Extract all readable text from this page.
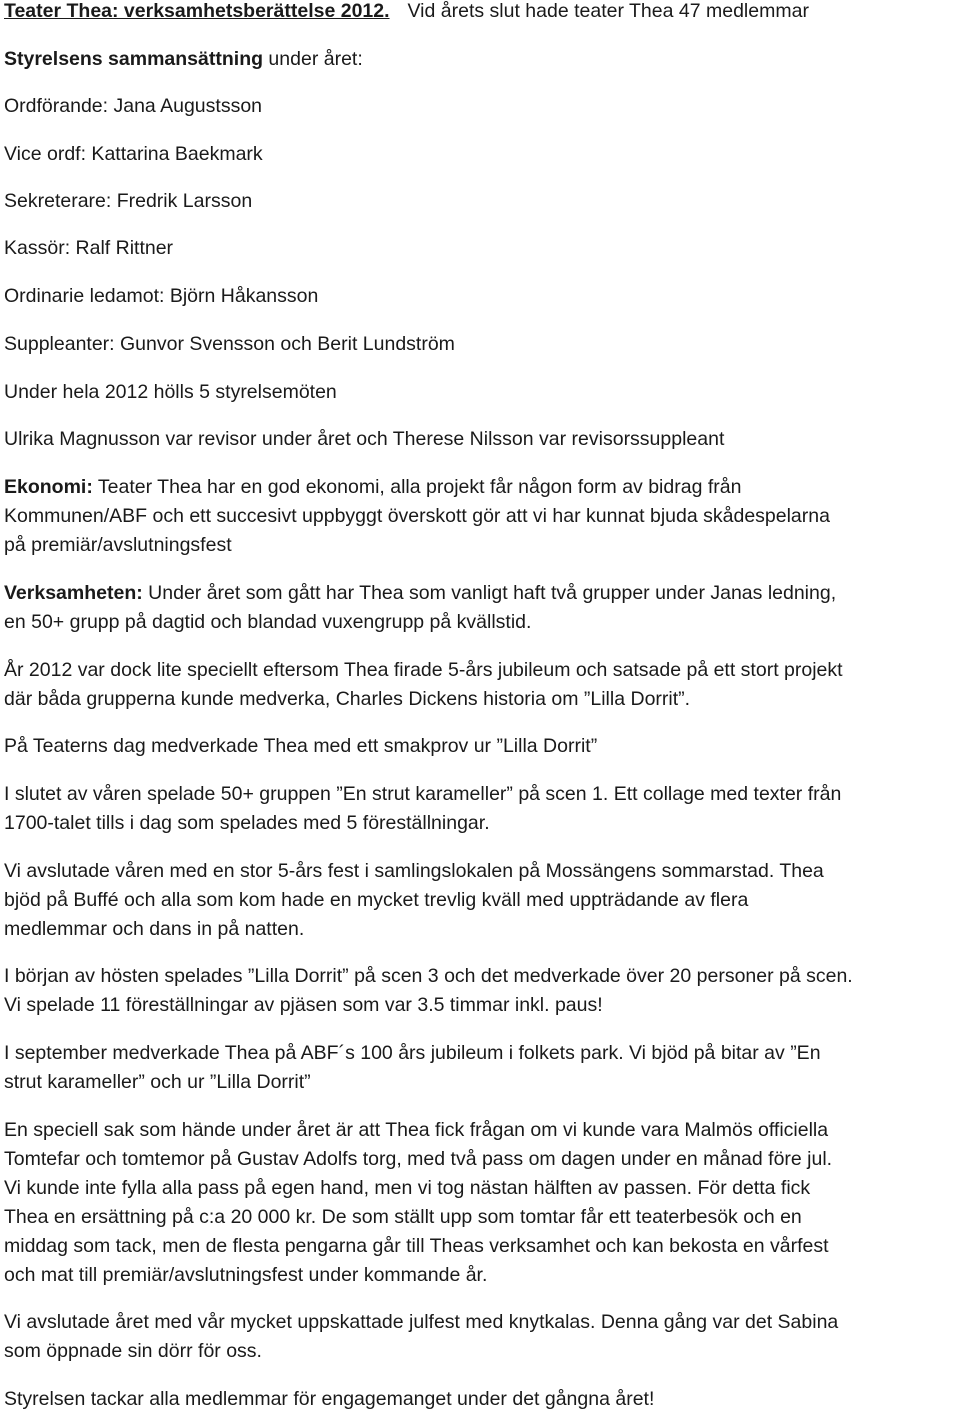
Teater Thea: verksamhetsberättelse 2012. Vid årets slut hade teater Thea 47 medlemmar
Styrelsens sammansättning under året:
Ordförande: Jana Augustsson
Vice ordf: Kattarina Baekmark
Sekreterare: Fredrik Larsson
Kassör: Ralf Rittner
Ordinarie ledamot: Björn Håkansson
Suppleanter: Gunvor Svensson och Berit Lundström
Under hela 2012 hölls 5 styrelsemöten
Ulrika Magnusson var revisor under året och Therese Nilsson var revisorssuppleant
Ekonomi: Teater Thea har en god ekonomi, alla projekt får någon form av bidrag från
Kommunen/ABF och ett succesivt uppbyggt överskott gör att vi har kunnat bjuda skådespelarna
på premiär/avslutningsfest
Verksamheten: Under året som gått har Thea som vanligt haft två grupper under Janas ledning,
en 50+ grupp på dagtid och blandad vuxengrupp på kvällstid.
År 2012 var dock lite speciellt eftersom Thea firade 5-års jubileum och satsade på ett stort projekt
där båda grupperna kunde medverka, Charles Dickens historia om ”Lilla Dorrit”.
På Teaterns dag medverkade Thea med ett smakprov ur ”Lilla Dorrit”
I slutet av våren spelade 50+ gruppen ”En strut karameller” på scen 1. Ett collage med texter från
1700-talet tills i dag som spelades med 5 föreställningar.
Vi avslutade våren med en stor 5-års fest i samlingslokalen på Mossängens sommarstad. Thea
bjöd på Buffé och alla som kom hade en mycket trevlig kväll med uppträdande av flera
medlemmar och dans in på natten.
I början av hösten spelades ”Lilla Dorrit” på scen 3 och det medverkade över 20 personer på scen.
Vi spelade 11 föreställningar av pjäsen som var 3.5 timmar inkl. paus!
I september medverkade Thea på ABF´s 100 års jubileum i folkets park. Vi bjöd på bitar av ”En
strut karameller” och ur ”Lilla Dorrit”
En speciell sak som hände under året är att Thea fick frågan om vi kunde vara Malmös officiella
Tomtefar och tomtemor på Gustav Adolfs torg, med två pass om dagen under en månad före jul.
Vi kunde inte fylla alla pass på egen hand, men vi tog nästan hälften av passen. För detta fick
Thea en ersättning på c:a 20 000 kr. De som ställt upp som tomtar får ett teaterbesök och en
middag som tack, men de flesta pengarna går till Theas verksamhet och kan bekosta en vårfest
och mat till premiär/avslutningsfest under kommande år.
Vi avslutade året med vår mycket uppskattade julfest med knytkalas. Denna gång var det Sabina
som öppnade sin dörr för oss.
Styrelsen tackar alla medlemmar för engagemanget under det gångna året!
